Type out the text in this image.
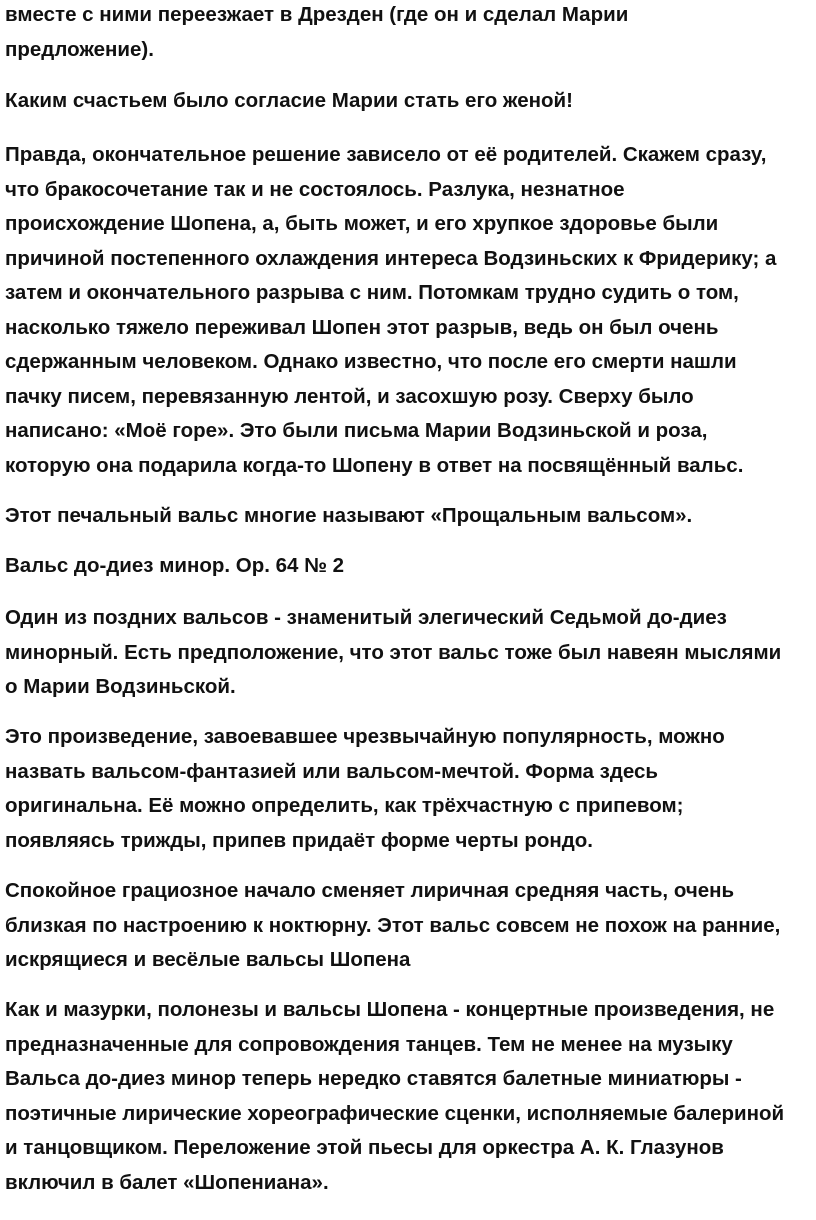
вместе с ними переезжает в Дрезден (где он и сделал Марии
предложение).

Каким счастьем было согласие Марии стать его женой!

Правда, окончательное решение зависело от её родителей. Скажем сразу,
что бракосочетание так и не состоялось. Разлука, незнатное
происхождение Шопена, а, быть может, и его хрупкое здоровье были
причиной постепенного охлаждения интереса Водзиньских к Фридерику; а
затем и окончательного разрыва с ним. Потомкам трудно судить о том,
насколько тяжело переживал Шопен этот разрыв, ведь он был очень
сдержанным человеком. Однако известно, что после его смерти нашли
пачку писем, перевязанную лентой, и засохшую розу. Сверху было
написано: «Моё горе». Это были письма Марии Водзиньской и роза,
которую она подарила когда-то Шопену в ответ на посвящённый вальс.

Этот печальный вальс многие называют «Прощальным вальсом».

Вальс до-диез минор. Ор. 64 № 2

Один из поздних вальсов - знаменитый элегический Седьмой до-диез
минорный. Есть предположение, что этот вальс тоже был навеян мыслями
о Марии Водзиньской.

Это произведение, завоевавшее чрезвычайную популярность, можно
назвать вальсом-фантазией или вальсом-мечтой. Форма здесь
оригинальна. Её можно определить, как трёхчастную с припевом;
появляясь трижды, припев придаёт форме черты рондо.

Спокойное грациозное начало сменяет лиричная средняя часть, очень
близкая по настроению к ноктюрну. Этот вальс совсем не похож на ранние,
искрящиеся и весёлые вальсы Шопена

Как и мазурки, полонезы и вальсы Шопена - концертные произведения, не
предназначенные для сопровождения танцев. Тем не менее на музыку
Вальса до-диез минор теперь нередко ставятся балетные миниатюры -
поэтичные лирические хореографические сценки, исполняемые балериной
и танцовщиком. Переложение этой пьесы для оркестра А. К. Глазунов
включил в балет «Шопениана».
